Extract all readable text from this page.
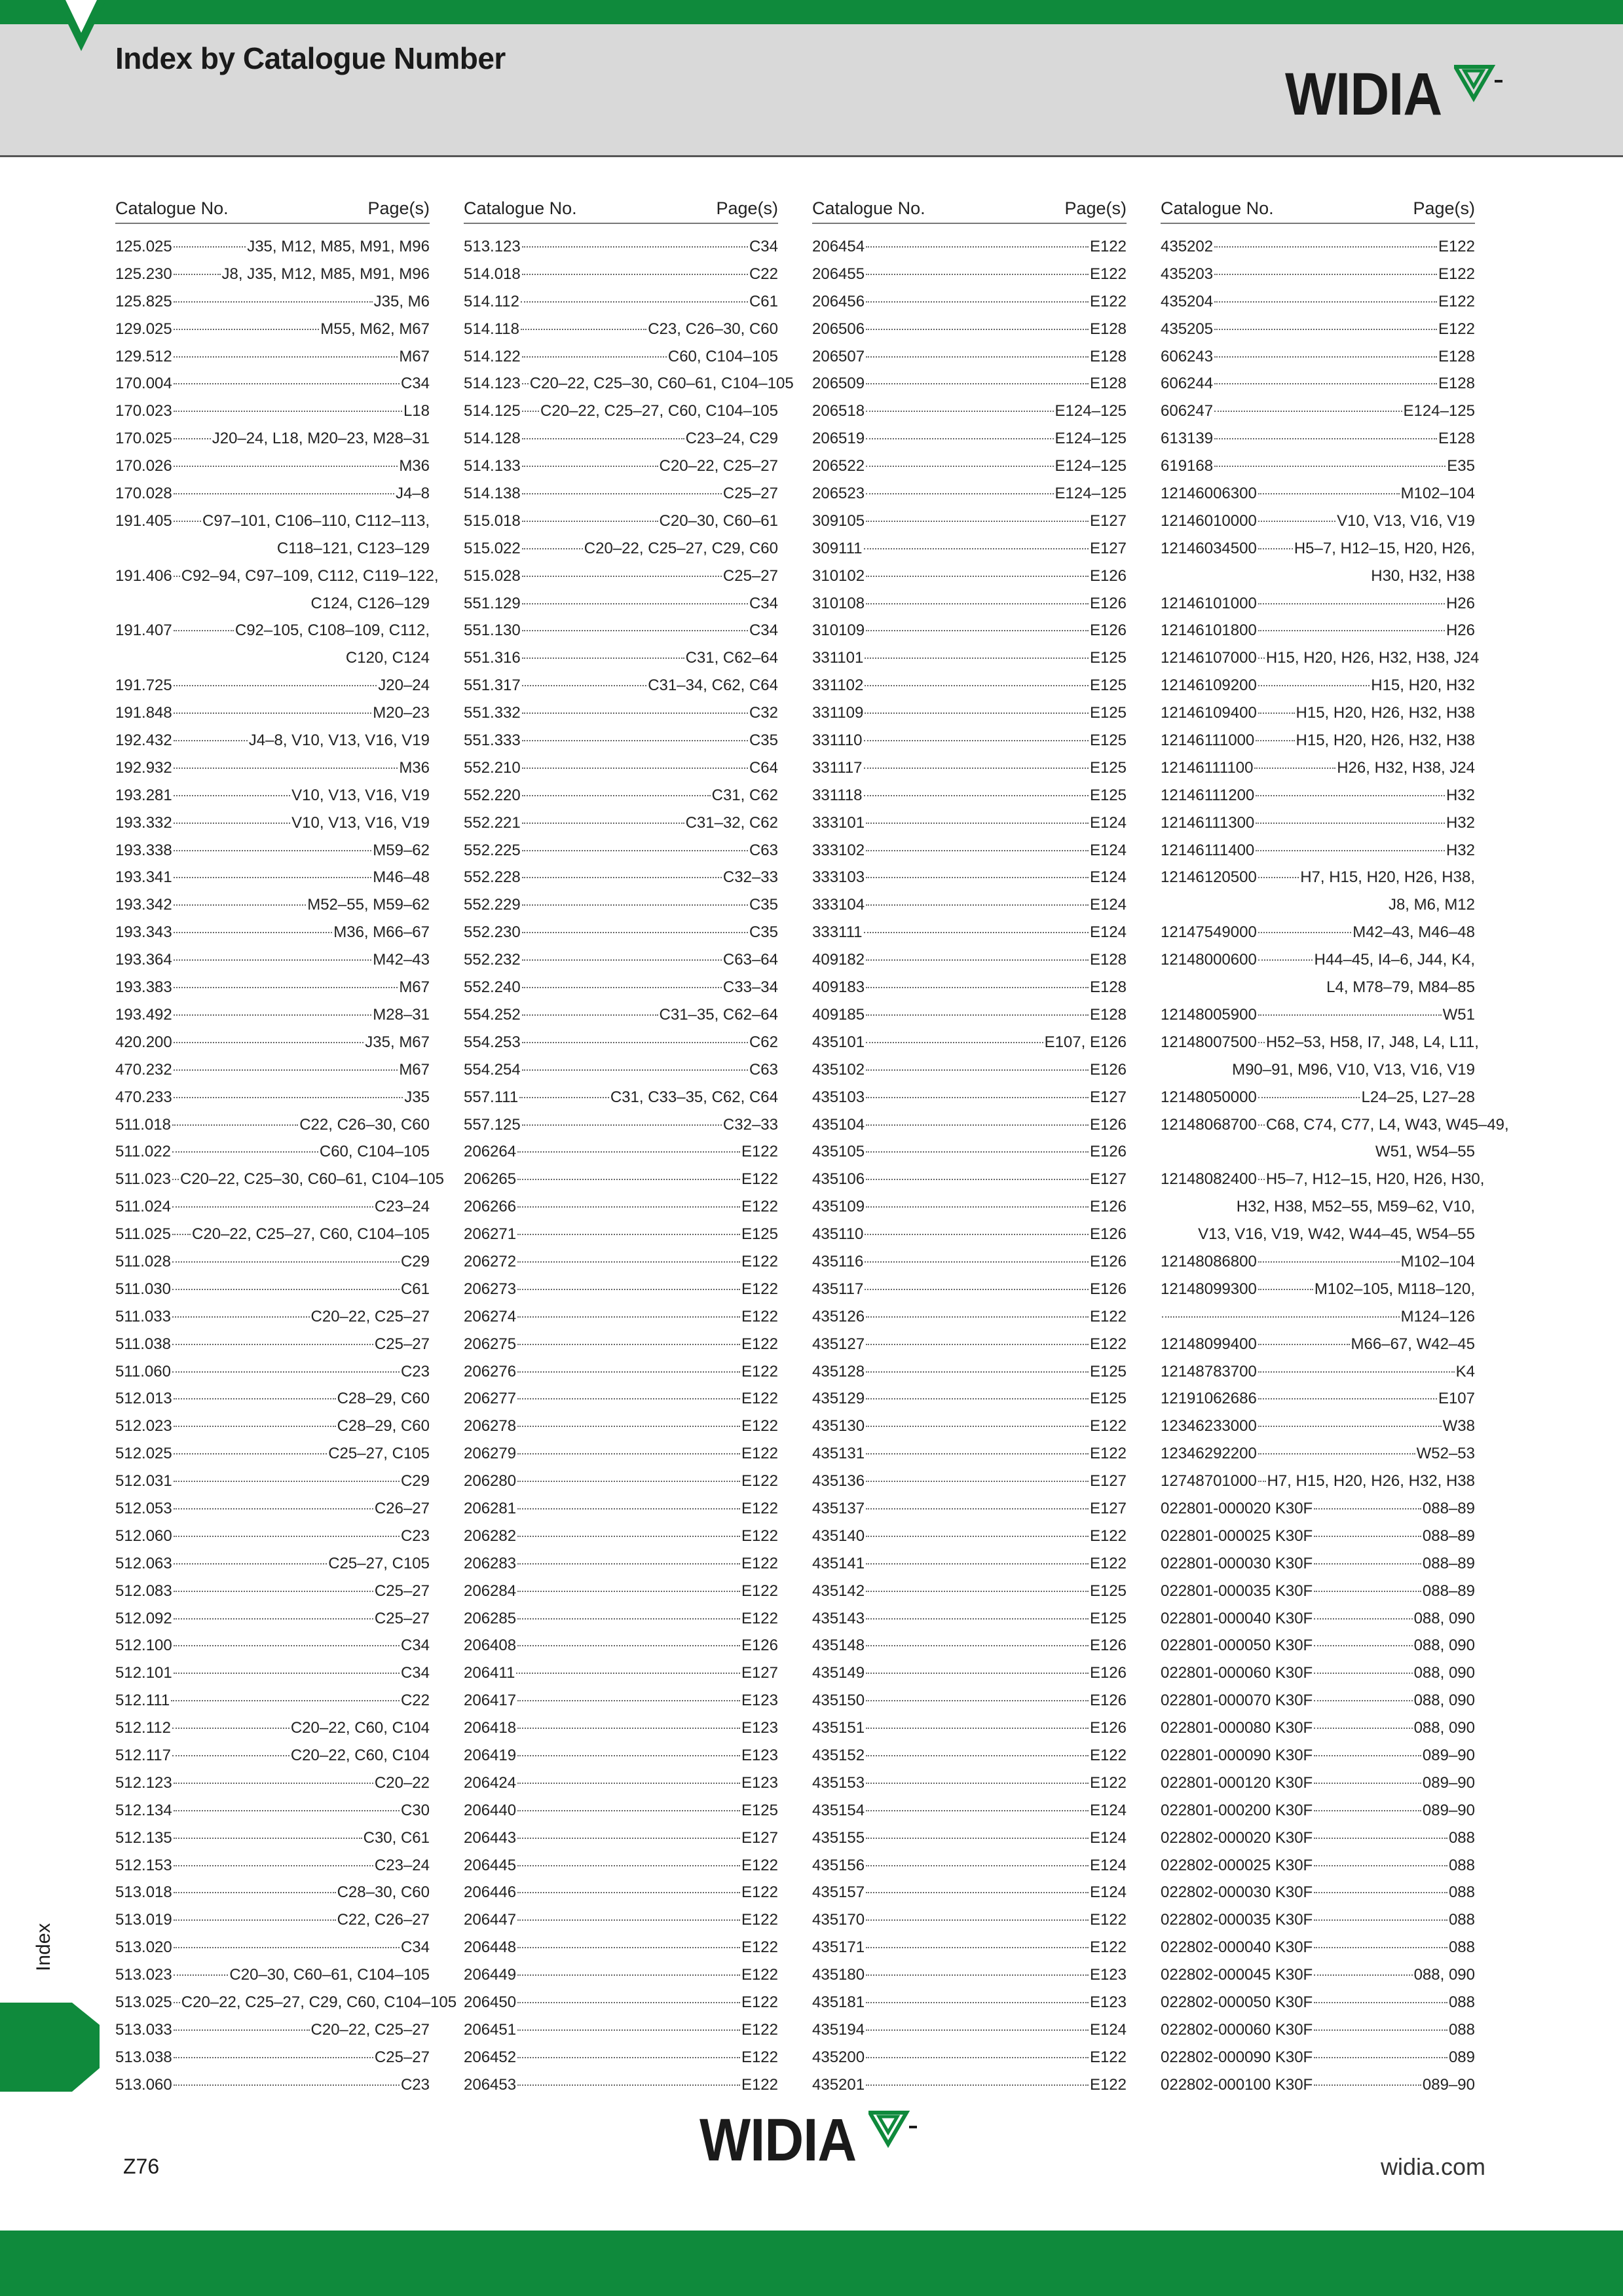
Index by Catalogue Number
WIDIA
Catalogue No.	Page(s)
125.025	J35, M12, M85, M91, M96
125.230	J8, J35, M12, M85, M91, M96
125.825	J35, M6
129.025	M55, M62, M67
129.512	M67
170.004	C34
170.023	L18
170.025	J20–24, L18, M20–23, M28–31
170.026	M36
170.028	J4–8
191.405 C97–101, C106–110, C112–113,
C118–121, C123–129
191.406 C92–94, C97–109, C112, C119–122,
C124, C126–129
191.407	C92–105, C108–109, C112,
C120, C124
191.725	J20–24
191.848	M20–23
192.432	J4–8, V10, V13, V16, V19
192.932	M36
193.281	V10, V13, V16, V19
193.332	V10, V13, V16, V19
193.338	M59–62
193.341	M46–48
193.342	M52–55, M59–62
193.343	M36, M66–67
193.364	M42–43
193.383	M67
193.492	M28–31
420.200	J35, M67
470.232	M67
470.233	J35
511.018	C22, C26–30, C60
511.022	C60, C104–105
511.023 C20–22, C25–30, C60–61, C104–105
511.024	C23–24
511.025 C20–22, C25–27, C60, C104–105
511.028	C29
511.030	C61
511.033	C20–22, C25–27
511.038	C25–27
511.060	C23
512.013	C28–29, C60
512.023	C28–29, C60
512.025	C25–27, C105
512.031	C29
512.053	C26–27
512.060	C23
512.063	C25–27, C105
512.083	C25–27
512.092	C25–27
512.100	C34
512.101	C34
512.111	C22
512.112	C20–22, C60, C104
512.117	C20–22, C60, C104
512.123	C20–22
512.134	C30
512.135	C30, C61
512.153	C23–24
513.018	C28–30, C60
513.019	C22, C26–27
513.020	C34
513.023	C20–30, C60–61, C104–105
513.025 C20–22, C25–27, C29, C60, C104–105
513.033	C20–22, C25–27
513.038	C25–27
513.060	C23
Catalogue No.	Page(s)
513.123	C34
514.018	C22
514.112	C61
514.118	C23, C26–30, C60
514.122	C60, C104–105
514.123 C20–22, C25–30, C60–61, C104–105
514.125 C20–22, C25–27, C60, C104–105
514.128	C23–24, C29
514.133	C20–22, C25–27
514.138	C25–27
515.018	C20–30, C60–61
515.022	C20–22, C25–27, C29, C60
515.028	C25–27
551.129	C34
551.130	C34
551.316	C31, C62–64
551.317	C31–34, C62, C64
551.332	C32
551.333	C35
552.210	C64
552.220	C31, C62
552.221	C31–32, C62
552.225	C63
552.228	C32–33
552.229	C35
552.230	C35
552.232	C63–64
552.240	C33–34
554.252	C31–35, C62–64
554.253	C62
554.254	C63
557.111	C31, C33–35, C62, C64
557.125	C32–33
206264	E122
206265	E122
206266	E122
206271	E125
206272	E122
206273	E122
206274	E122
206275	E122
206276	E122
206277	E122
206278	E122
206279	E122
206280	E122
206281	E122
206282	E122
206283	E122
206284	E122
206285	E122
206408	E126
206411	E127
206417	E123
206418	E123
206419	E123
206424	E123
206440	E125
206443	E127
206445	E122
206446	E122
206447	E122
206448	E122
206449	E122
206450	E122
206451	E122
206452	E122
206453	E122
Catalogue No.	Page(s)
206454	E122
206455	E122
206456	E122
206506	E128
206507	E128
206509	E128
206518	E124–125
206519	E124–125
206522	E124–125
206523	E124–125
309105	E127
309111	E127
310102	E126
310108	E126
310109	E126
331101	E125
331102	E125
331109	E125
331110	E125
331117	E125
331118	E125
333101	E124
333102	E124
333103	E124
333104	E124
333111	E124
409182	E128
409183	E128
409185	E128
435101	E107, E126
435102	E126
435103	E127
435104	E126
435105	E126
435106	E127
435109	E126
435110	E126
435116	E126
435117	E126
435126	E122
435127	E122
435128	E125
435129	E125
435130	E122
435131	E122
435136	E127
435137	E127
435140	E122
435141	E122
435142	E125
435143	E125
435148	E126
435149	E126
435150	E126
435151	E126
435152	E122
435153	E122
435154	E124
435155	E124
435156	E124
435157	E124
435170	E122
435171	E122
435180	E123
435181	E123
435194	E124
435200	E122
435201	E122
Catalogue No.	Page(s)
435202	E122
435203	E122
435204	E122
435205	E122
606243	E128
606244	E128
606247	E124–125
613139	E128
619168	E35
12146006300	M102–104
12146010000	V10, V13, V16, V19
12146034500 H5–7, H12–15, H20, H26,
H30, H32, H38
12146101000	H26
12146101800	H26
12146107000 H15, H20, H26, H32, H38, J24
12146109200	H15, H20, H32
12146109400 H15, H20, H26, H32, H38
12146111000	H15, H20, H26, H32, H38
12146111100	H26, H32, H38, J24
12146111200	H32
12146111300	H32
12146111400	H32
12146120500	H7, H15, H20, H26, H38,
J8, M6, M12
12147549000	M42–43, M46–48
12148000600	H44–45, I4–6, J44, K4,
L4, M78–79, M84–85
12148005900	W51
12148007500 H52–53, H58, I7, J48, L4, L11,
M90–91, M96, V10, V13, V16, V19
12148050000	L24–25, L27–28
12148068700 C68, C74, C77, L4, W43, W45–49,
W51, W54–55
12148082400 H5–7, H12–15, H20, H26, H30,
H32, H38, M52–55, M59–62, V10,
V13, V16, V19, W42, W44–45, W54–55
12148086800	M102–104
12148099300	M102–105, M118–120,
M124–126
12148099400	M66–67, W42–45
12148783700	K4
12191062686	E107
12346233000	W38
12346292200	W52–53
12748701000 H7, H15, H20, H26, H32, H38
022801-000020 K30F	088–89
022801-000025 K30F	088–89
022801-000030 K30F	088–89
022801-000035 K30F	088–89
022801-000040 K30F	088, 090
022801-000050 K30F	088, 090
022801-000060 K30F	088, 090
022801-000070 K30F	088, 090
022801-000080 K30F	088, 090
022801-000090 K30F	089–90
022801-000120 K30F	089–90
022801-000200 K30F	089–90
022802-000020 K30F	088
022802-000025 K30F	088
022802-000030 K30F	088
022802-000035 K30F	088
022802-000040 K30F	088
022802-000045 K30F	088, 090
022802-000050 K30F	088
022802-000060 K30F	088
022802-000090 K30F	089
022802-000100 K30F	089–90
Index
Z76	WIDIA	widia.com
